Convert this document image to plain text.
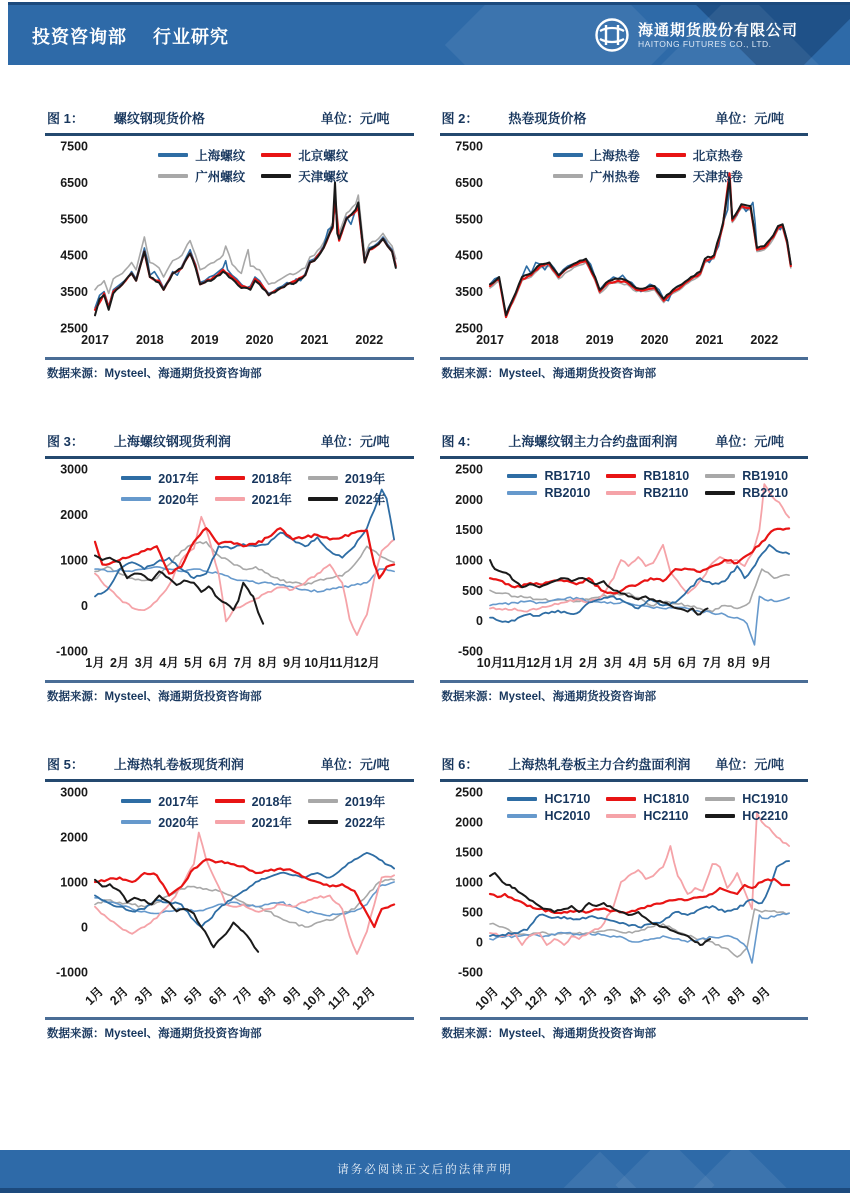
投资咨询部 行业研究	海通期货股份有限公司
HAITONG FUTURES CO., LTD.
图 1： 螺纹钢现货价格	单位：元/吨
上海螺纹	北京螺纹
广州螺纹	天津螺纹
2500
3500
4500
5500
6500
7500
2017 2018 2019 2020 2021 2022
数据来源：Mysteel、海通期货投资咨询部
图 2： 热卷现货价格	单位：元/吨
上海热卷	北京热卷
广州热卷	天津热卷
2500
3500
4500
5500
6500
7500
2017 2018 2019 2020 2021 2022
数据来源：Mysteel、海通期货投资咨询部
图 3： 上海螺纹钢现货利润	单位：元/吨
2017年	2018年	2019年
2020年	2021年	2022年
-1000
0
1000
2000
3000
1月 2月 3月 4月 5月 6月 7月 8月 9月 10月
11月
12月
数据来源：Mysteel、海通期货投资咨询部
图 4： 上海螺纹钢主力合约盘面利润	单位：元/吨
RB1710	RB1810	RB1910
RB2010	RB2110	RB2210
-500
0
500
1000
1500
2000
2500
10月
11月
12月 1月 2月 3月 4月 5月 6月 7月 8月 9月
数据来源：Mysteel、海通期货投资咨询部
图 5： 上海热轧卷板现货利润	单位：元/吨
2017年	2018年	2019年
2020年	2021年	2022年
-1000
0
1000
2000
3000
1月 2月 3月 4月 5月 6月 7月 8月 9月
10月
11月
12月
数据来源：Mysteel、海通期货投资咨询部
图 6： 上海热轧卷板主力合约盘面利润	单位：元/吨
HC1710	HC1810	HC1910
HC2010	HC2110	HC2210
-500
0
500
1000
1500
2000
2500
10月
11月
12月 1月 2月 3月 4月 5月 6月 7月 8月 9月
数据来源：Mysteel、海通期货投资咨询部
请务必阅读正文后的法律声明
